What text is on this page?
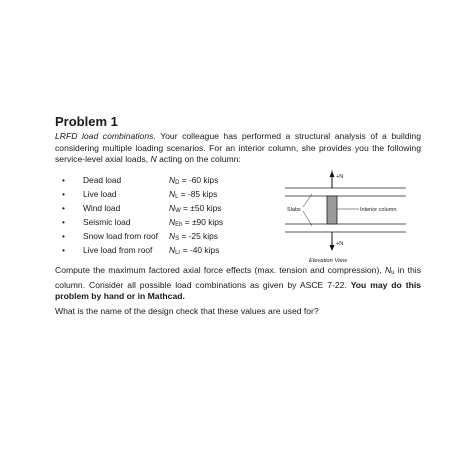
Problem 1
LRFD load combinations. Your colleague has performed a structural analysis of a building considering multiple loading scenarios. For an interior column, she provides you the following service-level axial loads, N acting on the column:
•	Dead load	$N_D = -60$ kips
•	Live load	$N_L = -85$ kips
•	Wind load	$N_W = \pm 50$ kips
•	Seismic load	$N_{Eh} = \pm 90$ kips
•	Snow load from roof	$N_S = -25$ kips
•	Live load from roof	$N_{Lr} = -40$ kips
+N
+N
Slabs	Interior column
Elevation View
Compute the maximum factored axial force effects (max. tension and compression), $N_u$ in this column. Consider all possible load combinations as given by ASCE 7-22. You may do this problem by hand or in Mathcad.
What is the name of the design check that these values are used for?
